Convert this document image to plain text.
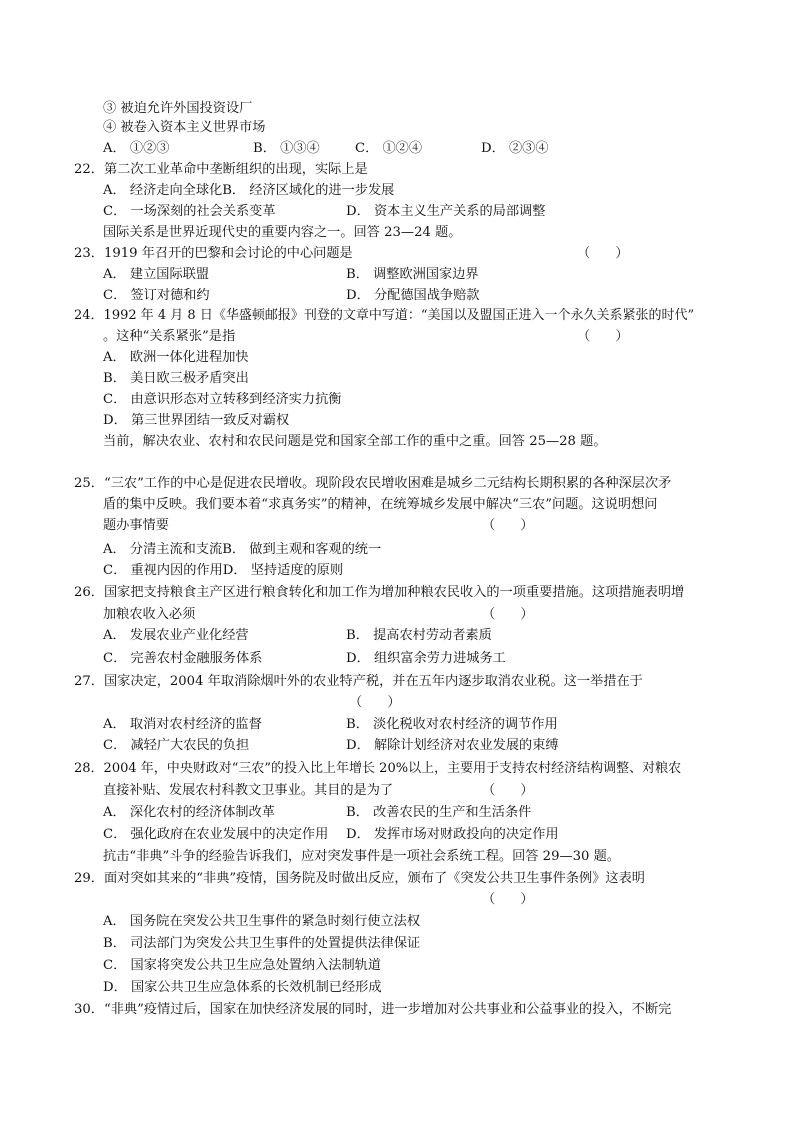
③ 被迫允许外国投资设厂
④ 被卷入资本主义世界市场
A． ①②③	B． ①③④	C． ①②④	D． ②③④
22．第二次工业革命中垄断组织的出现，实际上是
A． 经济走向全球化B． 经济区域化的进一步发展
C． 一场深刻的社会关系变革	D． 资本主义生产关系的局部调整
国际关系是世界近现代史的重要内容之一。回答 23—24 题。
23．1919 年召开的巴黎和会讨论的中心问题是	（      ）
A． 建立国际联盟	B． 调整欧洲国家边界
C． 签订对德和约	D． 分配德国战争赔款
24．1992 年 4 月 8 日《华盛顿邮报》刊登的文章中写道：“美国以及盟国正进入一个永久关系紧张的时代”
。这种“关系紧张”是指	（      ）
A． 欧洲一体化进程加快
B． 美日欧三极矛盾突出
C． 由意识形态对立转移到经济实力抗衡
D． 第三世界团结一致反对霸权
当前，解决农业、农村和农民问题是党和国家全部工作的重中之重。回答 25—28 题。
25．“三农”工作的中心是促进农民增收。现阶段农民增收困难是城乡二元结构长期积累的各种深层次矛
盾的集中反映。我们要本着“求真务实”的精神，在统筹城乡发展中解决“三农”问题。这说明想问
题办事情要	（      ）
A． 分清主流和支流B． 做到主观和客观的统一
C． 重视内因的作用D． 坚持适度的原则
26．国家把支持粮食主产区进行粮食转化和加工作为增加种粮农民收入的一项重要措施。这项措施表明增
加粮农收入必须	（      ）
A． 发展农业产业化经营	B． 提高农村劳动者素质
C． 完善农村金融服务体系	D． 组织富余劳力进城务工
27．国家决定，2004 年取消除烟叶外的农业特产税，并在五年内逐步取消农业税。这一举措在于
（      ）
A． 取消对农村经济的监督	B． 淡化税收对农村经济的调节作用
C． 减轻广大农民的负担	D． 解除计划经济对农业发展的束缚
28．2004 年，中央财政对“三农”的投入比上年增长 20%以上，主要用于支持农村经济结构调整、对粮农
直接补贴、发展农村科教文卫事业。其目的是为了	（      ）
A． 深化农村的经济体制改革	B． 改善农民的生产和生活条件
C． 强化政府在农业发展中的决定作用 D． 发挥市场对财政投向的决定作用
抗击“非典”斗争的经验告诉我们，应对突发事件是一项社会系统工程。回答 29—30 题。
29．面对突如其来的“非典”疫情，国务院及时做出反应，颁布了《突发公共卫生事件条例》这表明
（      ）
A． 国务院在突发公共卫生事件的紧急时刻行使立法权
B． 司法部门为突发公共卫生事件的处置提供法律保证
C． 国家将突发公共卫生应急处置纳入法制轨道
D． 国家公共卫生应急体系的长效机制已经形成
30．“非典”疫情过后，国家在加快经济发展的同时，进一步增加对公共事业和公益事业的投入，不断完
